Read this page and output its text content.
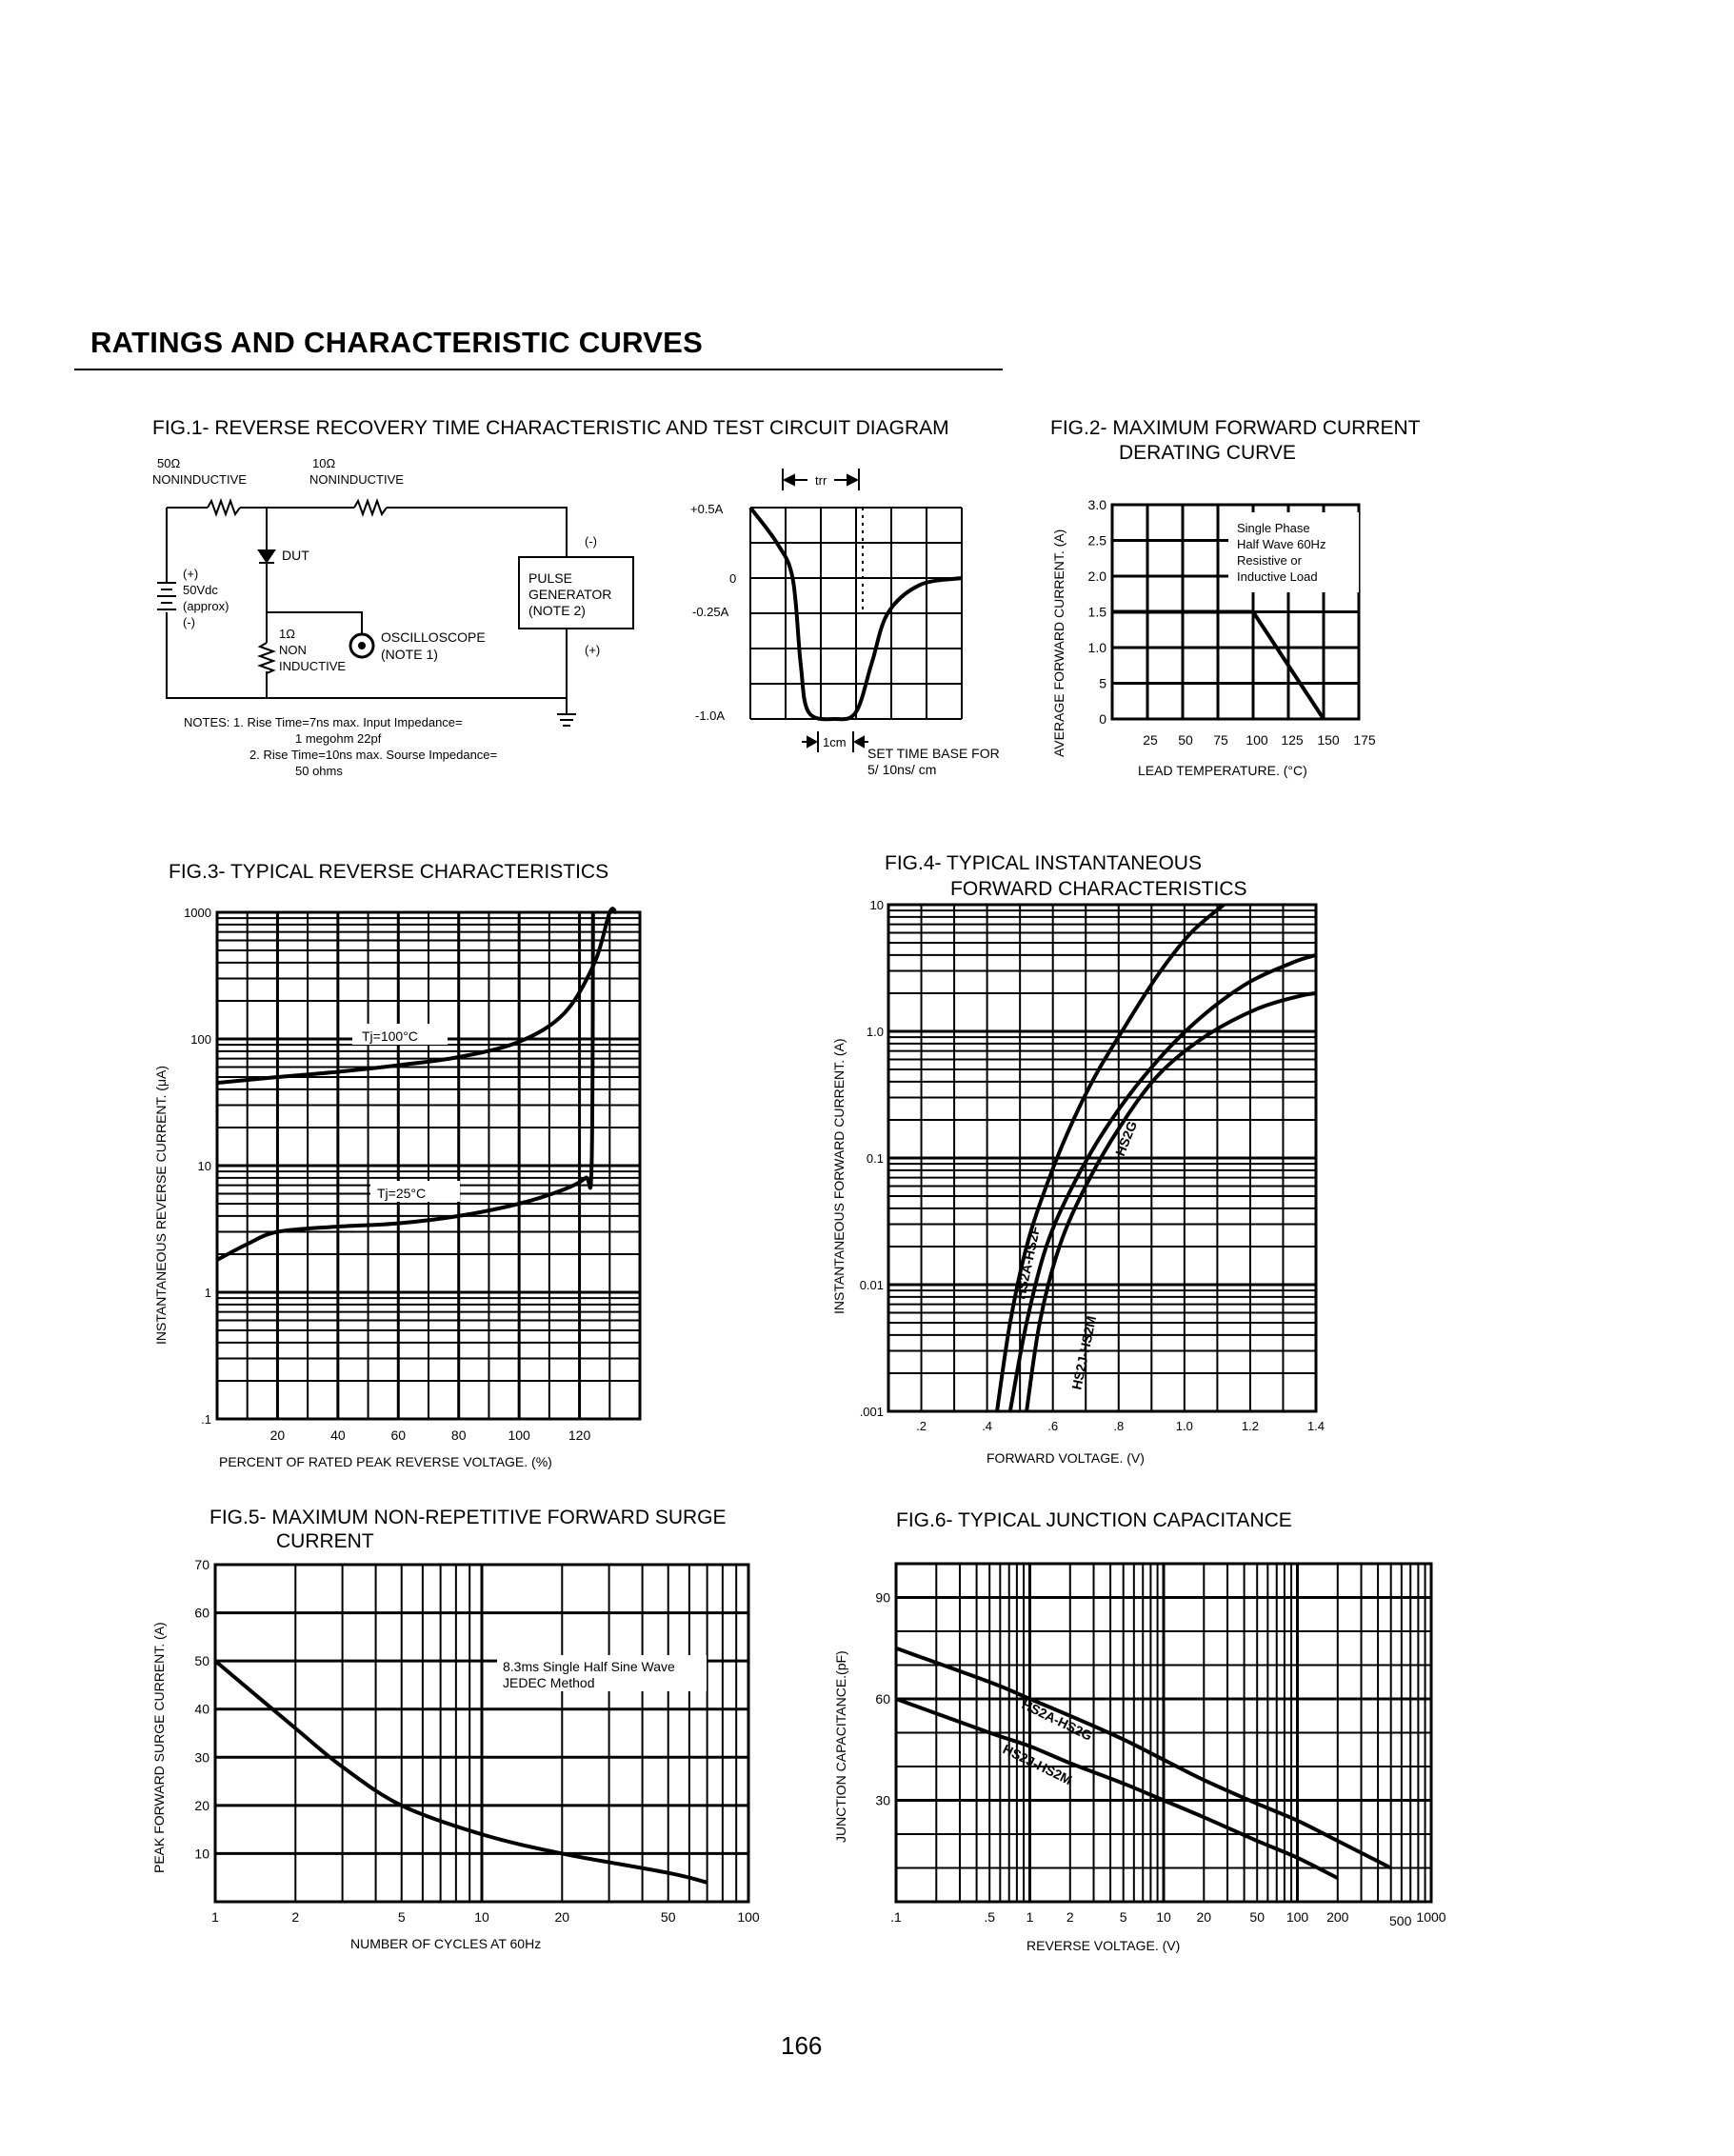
RATINGS AND CHARACTERISTIC CURVES
FIG.1- REVERSE RECOVERY TIME CHARACTERISTIC AND TEST CIRCUIT DIAGRAM
50Ω
NONINDUCTIVE
10Ω
NONINDUCTIVE
DUT
(+)
50Vdc
(approx)
(-)
1Ω
NON
INDUCTIVE
OSCILLOSCOPE
(NOTE 1)
PULSE
GENERATOR
(NOTE 2)
(-)
(+)
NOTES: 1. Rise Time=7ns max. Input Impedance=
1 megohm 22pf
2. Rise Time=10ns max. Sourse Impedance=
50 ohms
+0.5A
0
-0.25A
-1.0A
trr
1cm
SET TIME BASE FOR
5/ 10ns/ cm
FIG.2- MAXIMUM FORWARD CURRENT
DERATING CURVE
AVERAGE FORWARD CURRENT. (A)
LEAD TEMPERATURE. (°C)
25 50 75 100 125 150 175
0
5
1.0
1.5
2.0
2.5
3.0
Single Phase
Half Wave 60Hz
Resistive or
Inductive Load
FIG.3- TYPICAL REVERSE CHARACTERISTICS
INSTANTANEOUS REVERSE CURRENT. (μA)
PERCENT OF RATED PEAK REVERSE VOLTAGE. (%)
20	40	60	80	100	120
.1
1
10
100
1000
Tj=100°C
Tj=25°C
FIG.4- TYPICAL INSTANTANEOUS
FORWARD CHARACTERISTICS
INSTANTANEOUS FORWARD CURRENT. (A)
FORWARD VOLTAGE. (V)
.2	.4	.6	.8	1.0	1.2	1.4
.001
0.01
0.1
1.0
10
HS2G
HS2A-HS2F
HS2J-HS2M
FIG.5- MAXIMUM NON-REPETITIVE FORWARD SURGE
CURRENT
PEAK FORWARD SURGE CURRENT. (A)
NUMBER OF CYCLES AT 60Hz
1	2	5	10	20	50	100
10
20
30
40
50
60
70
8.3ms Single Half Sine Wave
JEDEC Method
FIG.6- TYPICAL JUNCTION CAPACITANCE
JUNCTION CAPACITANCE.(pF)
REVERSE VOLTAGE. (V)
.1	.5 1 2	5 10 20	50 100 200	500 1000
30
60
90
HS2A-HS2G
HS2J-HS2M
166
